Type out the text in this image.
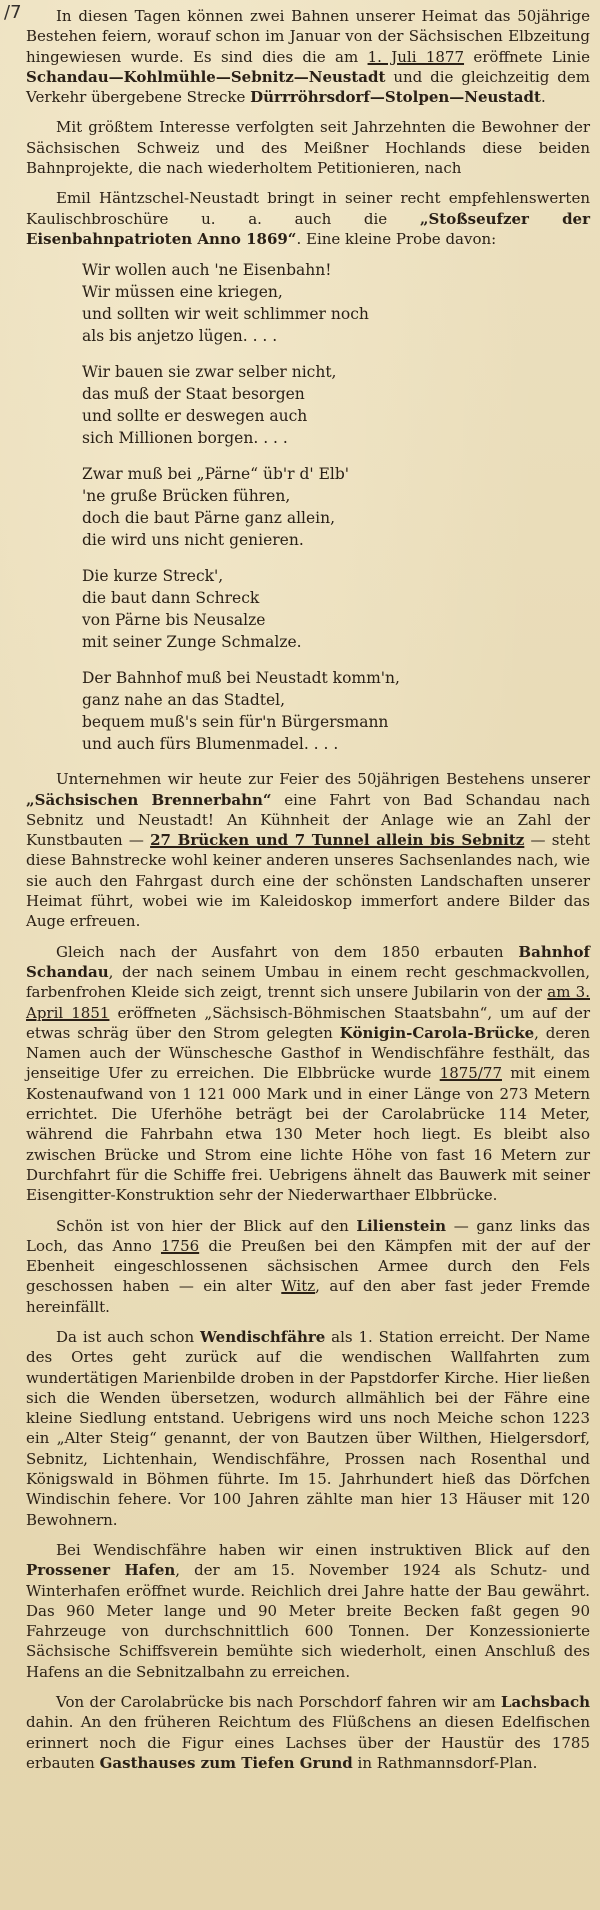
/7	In diesen Tagen können zwei Bahnen unserer Heimat das 50jährige Bestehen feiern, worauf schon im Januar von der Sächsischen Elbzeitung hingewiesen wurde. Es sind dies die am 1. Juli 1877 eröffnete Linie Schandau—Kohlmühle—Sebnitz—Neustadt und die gleichzeitig dem Verkehr übergebene Strecke Dürrröhrsdorf—Stolpen—Neustadt.

Mit größtem Interesse verfolgten seit Jahrzehnten die Bewohner der Sächsischen Schweiz und des Meißner Hochlands diese beiden Bahnprojekte, die nach wiederholtem Petitionieren, nach

Emil Häntzschel-Neustadt bringt in seiner recht empfehlenswerten Kaulischbroschüre u. a. auch die „Stoßseufzer der Eisenbahnpatrioten Anno 1869“. Eine kleine Probe davon:

Wir wollen auch 'ne Eisenbahn!
Wir müssen eine kriegen,
und sollten wir weit schlimmer noch
als bis anjetzo lügen. . . .
Wir bauen sie zwar selber nicht,
das muß der Staat besorgen
und sollte er deswegen auch
sich Millionen borgen. . . .
Zwar muß bei „Pärne“ üb'r d' Elb'
'ne gruße Brücken führen,
doch die baut Pärne ganz allein,
die wird uns nicht genieren.
Die kurze Streck',
die baut dann Schreck
von Pärne bis Neusalze
mit seiner Zunge Schmalze.
Der Bahnhof muß bei Neustadt komm'n,
ganz nahe an das Stadtel,
bequem muß's sein für'n Bürgersmann
und auch fürs Blumenmadel. . . .

Unternehmen wir heute zur Feier des 50jährigen Bestehens unserer „Sächsischen Brennerbahn“ eine Fahrt von Bad Schandau nach Sebnitz und Neustadt! An Kühnheit der Anlage wie an Zahl der Kunstbauten — 27 Brücken und 7 Tunnel allein bis Sebnitz — steht diese Bahnstrecke wohl keiner anderen unseres Sachsenlandes nach, wie sie auch den Fahrgast durch eine der schönsten Landschaften unserer Heimat führt, wobei wie im Kaleidoskop immerfort andere Bilder das Auge erfreuen.

Gleich nach der Ausfahrt von dem 1850 erbauten Bahnhof Schandau, der nach seinem Umbau in einem recht geschmackvollen, farbenfrohen Kleide sich zeigt, trennt sich unsere Jubilarin von der am 3. April 1851 eröffneten „Sächsisch-Böhmischen Staatsbahn“, um auf der etwas schräg über den Strom gelegten Königin-Carola-Brücke, deren Namen auch der Wünschesche Gasthof in Wendischfähre festhält, das jenseitige Ufer zu erreichen. Die Elbbrücke wurde 1875/77 mit einem Kostenaufwand von 1 121 000 Mark und in einer Länge von 273 Metern errichtet. Die Uferhöhe beträgt bei der Carolabrücke 114 Meter, während die Fahrbahn etwa 130 Meter hoch liegt. Es bleibt also zwischen Brücke und Strom eine lichte Höhe von fast 16 Metern zur Durchfahrt für die Schiffe frei. Uebrigens ähnelt das Bauwerk mit seiner Eisengitter-Konstruktion sehr der Niederwarthaer Elbbrücke.

Schön ist von hier der Blick auf den Lilienstein — ganz links das Loch, das Anno 1756 die Preußen bei den Kämpfen mit der auf der Ebenheit eingeschlossenen sächsischen Armee durch den Fels geschossen haben — ein alter Witz, auf den aber fast jeder Fremde hereinfällt.

Da ist auch schon Wendischfähre als 1. Station erreicht. Der Name des Ortes geht zurück auf die wendischen Wallfahrten zum wundertätigen Marienbilde droben in der Papstdorfer Kirche. Hier ließen sich die Wenden übersetzen, wodurch allmählich bei der Fähre eine kleine Siedlung entstand. Uebrigens wird uns noch Meiche schon 1223 ein „Alter Steig“ genannt, der von Bautzen über Wilthen, Hielgersdorf, Sebnitz, Lichtenhain, Wendischfähre, Prossen nach Rosenthal und Königswald in Böhmen führte. Im 15. Jahrhundert hieß das Dörfchen Windischin fehere. Vor 100 Jahren zählte man hier 13 Häuser mit 120 Bewohnern.

Bei Wendischfähre haben wir einen instruktiven Blick auf den Prossener Hafen, der am 15. November 1924 als Schutz- und Winterhafen eröffnet wurde. Reichlich drei Jahre hatte der Bau gewährt. Das 960 Meter lange und 90 Meter breite Becken faßt gegen 90 Fahrzeuge von durchschnittlich 600 Tonnen. Der Konzessionierte Sächsische Schiffsverein bemühte sich wiederholt, einen Anschluß des Hafens an die Sebnitzalbahn zu erreichen.

Von der Carolabrücke bis nach Porschdorf fahren wir am Lachsbach dahin. An den früheren Reichtum des Flüßchens an diesen Edelfischen erinnert noch die Figur eines Lachses über der Haustür des 1785 erbauten Gasthauses zum Tiefen Grund in Rathmannsdorf-Plan.
